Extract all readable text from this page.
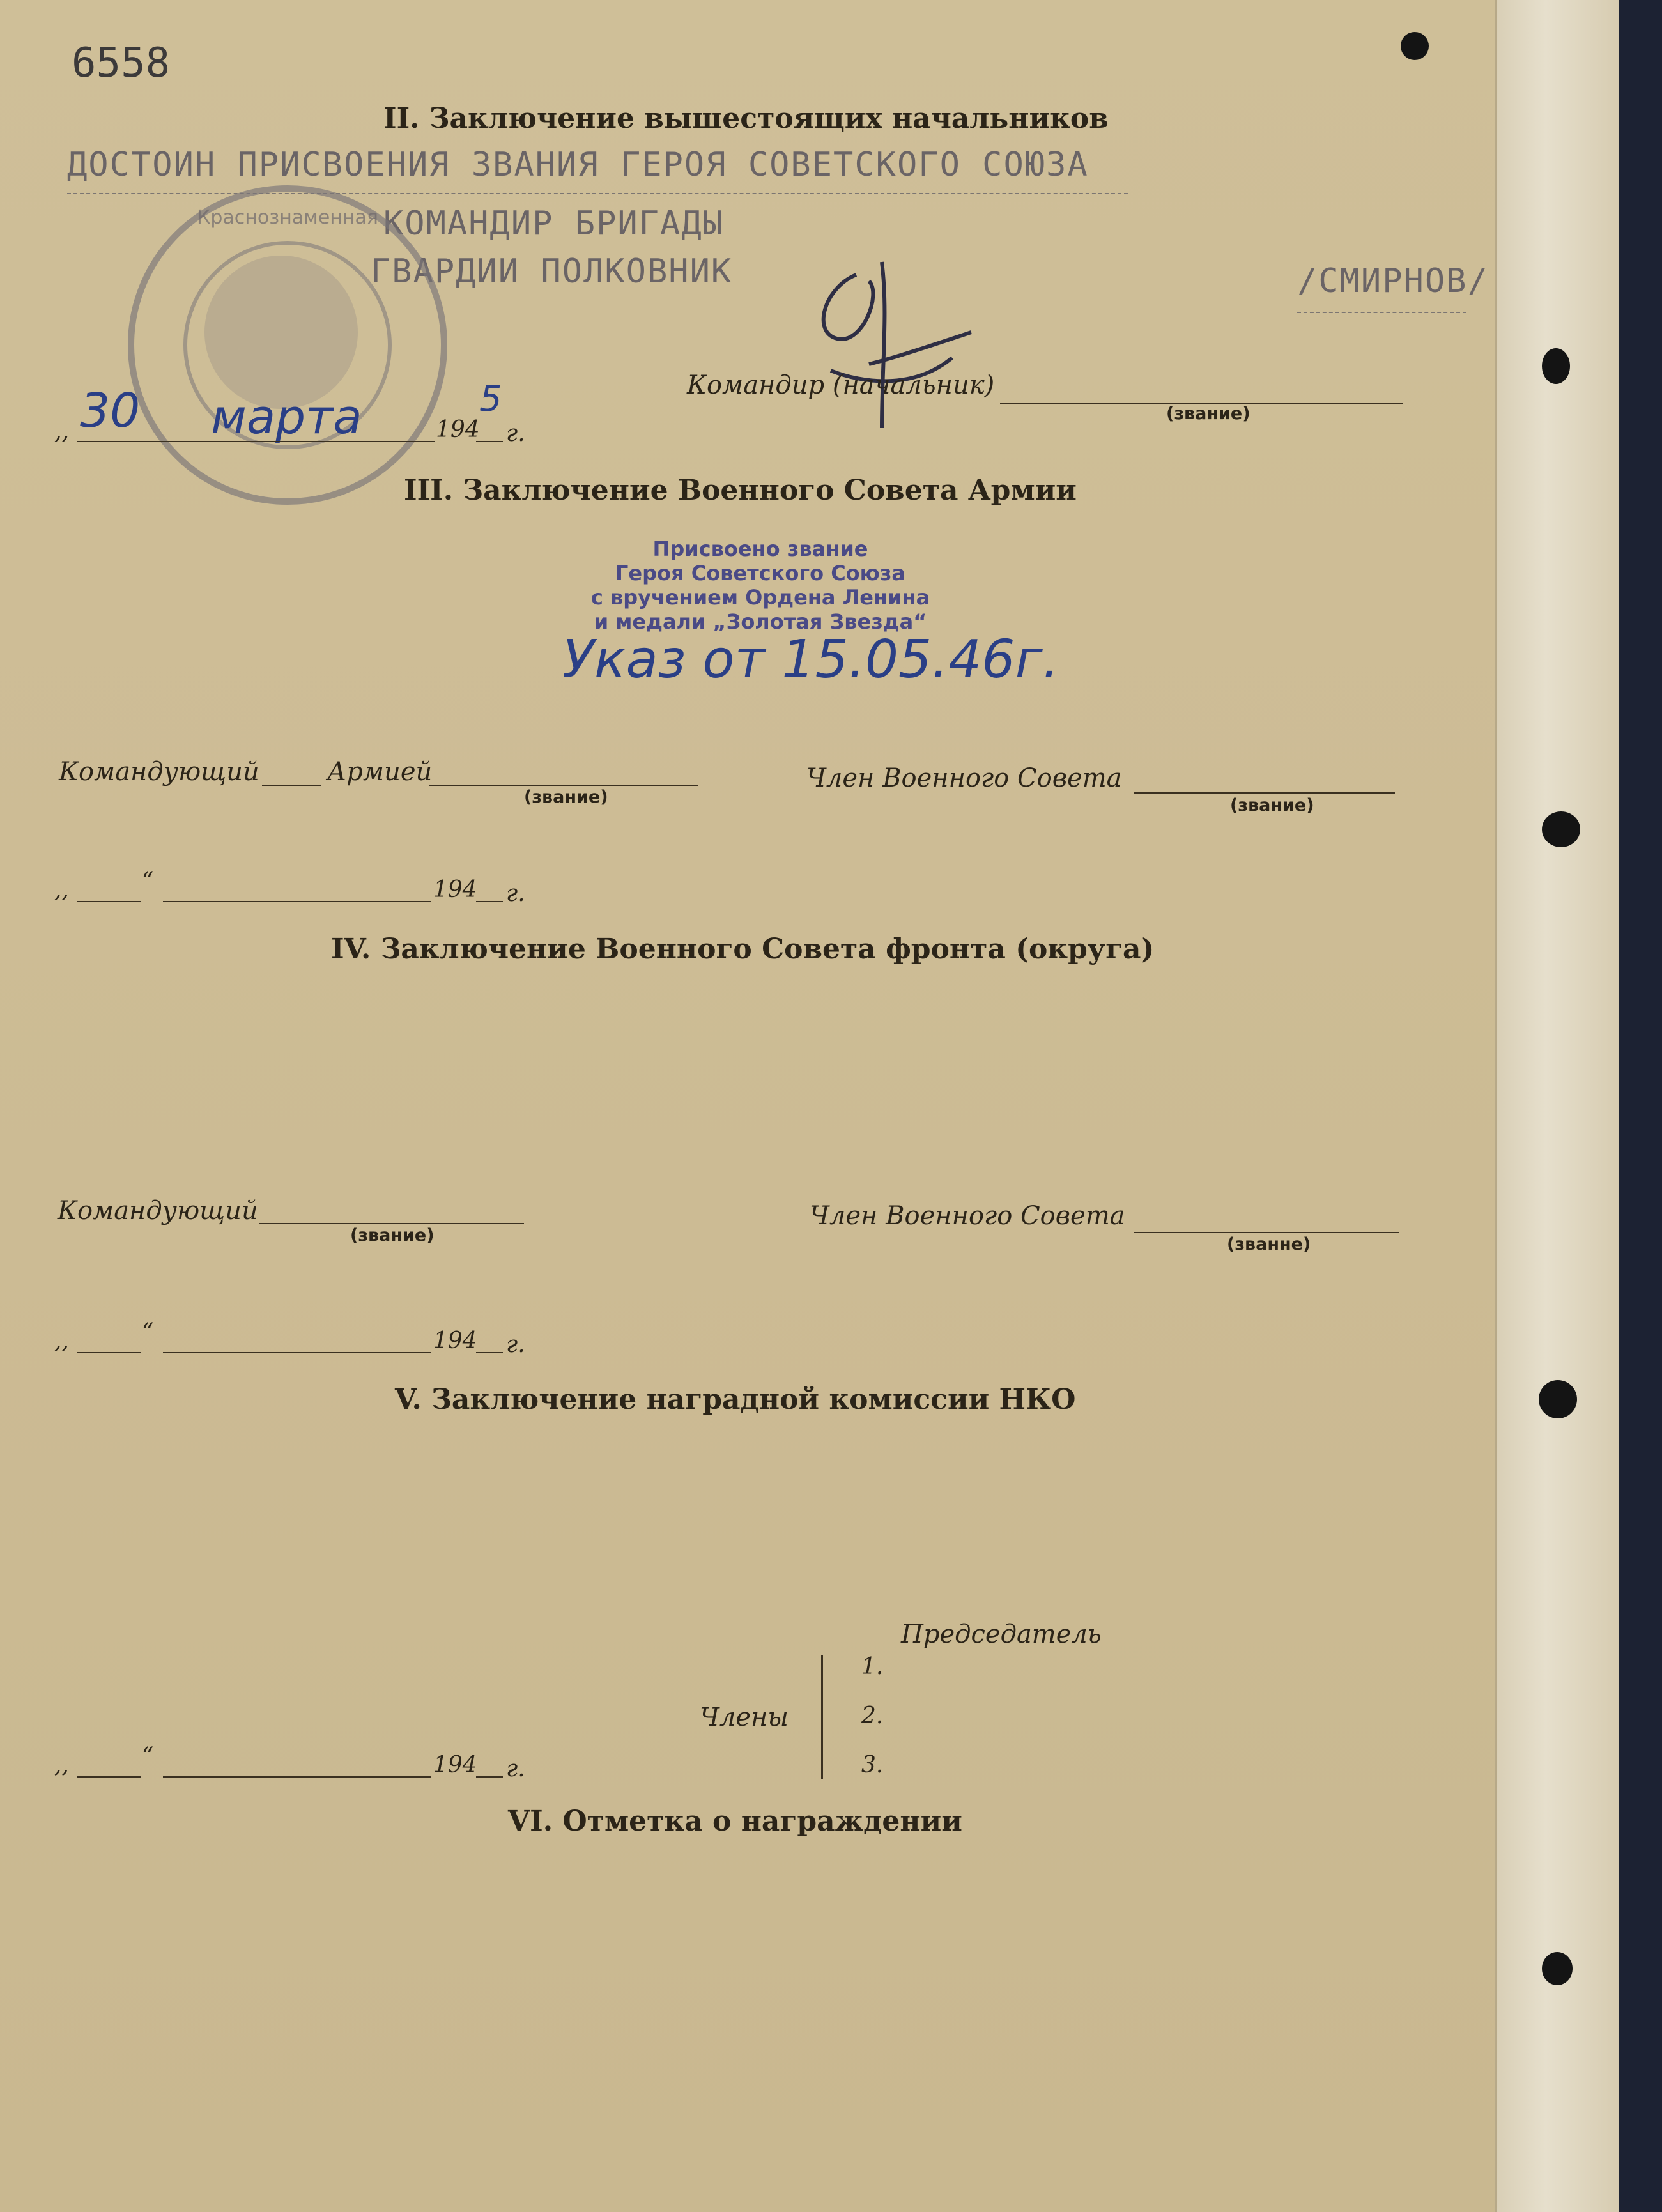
6558
II. Заключение вышестоящих начальников
ДОСТОИН ПРИСВОЕНИЯ ЗВАНИЯ ГЕРОЯ СОВЕТСКОГО СОЮЗА
КОМАНДИР БРИГАДЫ
ГВАРДИИ ПОЛКОВНИК	/СМИРНОВ/
Краснознаменная
Командир (начальник)
(звание)
,, 30 марта	194
5
г.
III. Заключение Военного Совета Армии
Присвоено звание
Героя Советского Союза
с вручением Ордена Ленина
и медали „Золотая Звезда“
Указ от 15.05.46г.
Командующий	Армией
(звание)
Член Военного Совета
(звание)
,,	“	194 г.
IV. Заключение Военного Совета фронта (округа)
Командующий
(звание)
Член Военного Совета
(званне)
,,	“	194 г.
V. Заключение наградной комиссии НКО
Председатель
Члены
1.
2.
3.
,,	“	194 г.
VI. Отметка о награждении
